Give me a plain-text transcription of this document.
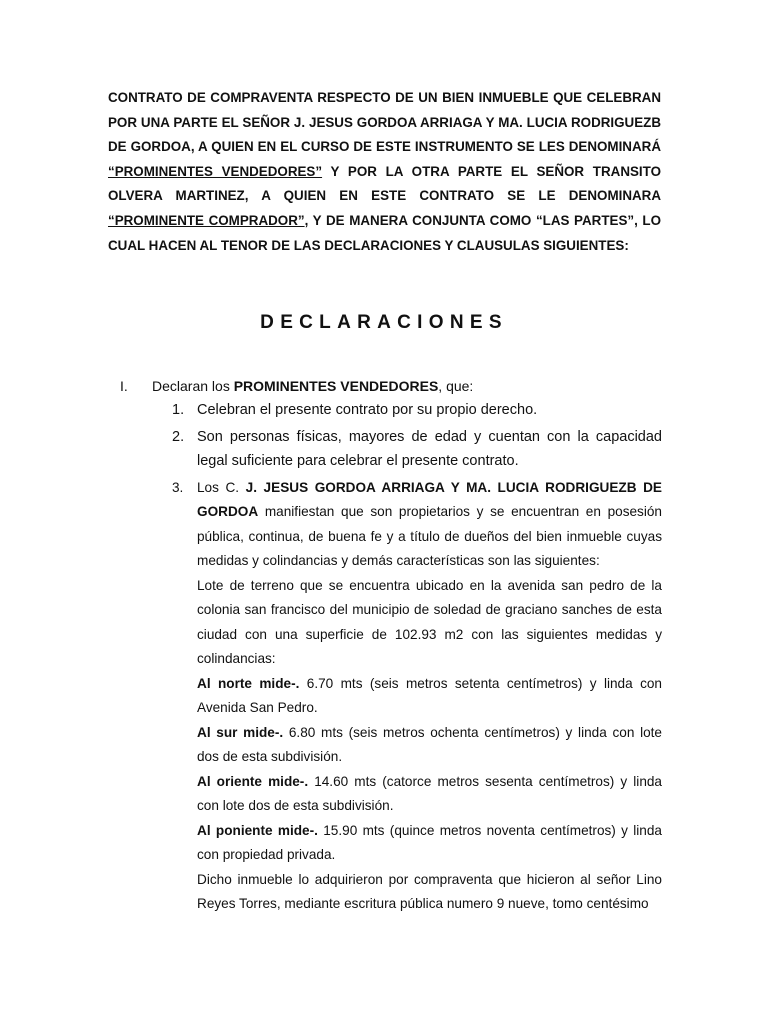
CONTRATO DE COMPRAVENTA RESPECTO DE UN BIEN INMUEBLE QUE CELEBRAN POR UNA PARTE EL SEÑOR J. JESUS GORDOA ARRIAGA Y MA. LUCIA RODRIGUEZB DE GORDOA, A QUIEN EN EL CURSO DE ESTE INSTRUMENTO SE LES DENOMINARÁ “PROMINENTES VENDEDORES” Y POR LA OTRA PARTE EL SEÑOR TRANSITO OLVERA MARTINEZ, A QUIEN EN ESTE CONTRATO SE LE DENOMINARA “PROMINENTE COMPRADOR”, Y DE MANERA CONJUNTA COMO “LAS PARTES”, LO CUAL HACEN AL TENOR DE LAS DECLARACIONES Y CLAUSULAS SIGUIENTES:
DECLARACIONES
I. Declaran los PROMINENTES VENDEDORES, que:
1. Celebran el presente contrato por su propio derecho.
2. Son personas físicas, mayores de edad y cuentan con la capacidad legal suficiente para celebrar el presente contrato.
3. Los C. J. JESUS GORDOA ARRIAGA Y MA. LUCIA RODRIGUEZB DE GORDOA manifiestan que son propietarios y se encuentran en posesión pública, continua, de buena fe y a título de dueños del bien inmueble cuyas medidas y colindancias y demás características son las siguientes:
Lote de terreno que se encuentra ubicado en la avenida san pedro de la colonia san francisco del municipio de soledad de graciano sanches de esta ciudad con una superficie de 102.93 m2 con las siguientes medidas y colindancias:
Al norte mide-. 6.70 mts (seis metros setenta centímetros) y linda con Avenida San Pedro.
Al sur mide-. 6.80 mts (seis metros ochenta centímetros) y linda con lote dos de esta subdivisión.
Al oriente mide-. 14.60 mts (catorce metros sesenta centímetros) y linda con lote dos de esta subdivisión.
Al poniente mide-. 15.90 mts (quince metros noventa centímetros) y linda con propiedad privada.
Dicho inmueble lo adquirieron por compraventa que hicieron al señor Lino Reyes Torres, mediante escritura pública numero 9 nueve, tomo centésimo
